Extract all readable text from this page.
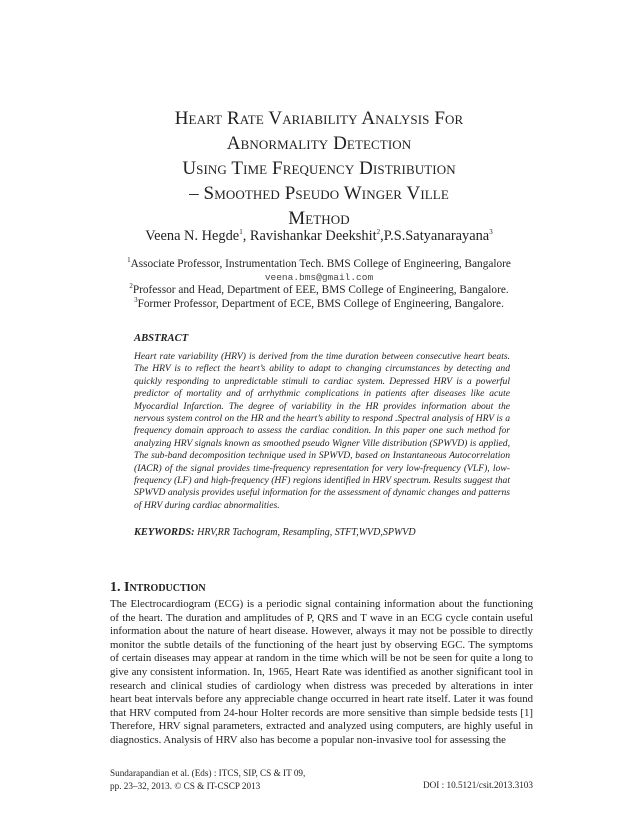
Heart Rate Variability Analysis For
Abnormality Detection
Using Time Frequency Distribution
– Smoothed Pseudo Winger Ville
Method
Veena N. Hegde$^1$, Ravishankar Deekshit$^2$,P.S.Satyanarayana$^3$
$^1$Associate Professor, Instrumentation Tech. BMS College of Engineering, Bangalore
veena.bms@gmail.com
$^2$Professor and Head, Department of EEE, BMS College of Engineering, Bangalore.
$^3$Former Professor, Department of ECE, BMS College of Engineering, Bangalore.
ABSTRACT
Heart rate variability (HRV) is derived from the time duration between consecutive heart beats. The HRV is to reflect the heart’s ability to adapt to changing circumstances by detecting and quickly responding to unpredictable stimuli to cardiac system. Depressed HRV is a powerful predictor of mortality and of arrhythmic complications in patients after diseases like acute Myocardial Infarction. The degree of variability in the HR provides information about the nervous system control on the HR and the heart’s ability to respond .Spectral analysis of HRV is a frequency domain approach to assess the cardiac condition. In this paper one such method for analyzing HRV signals known as smoothed pseudo Wigner Ville distribution (SPWVD) is applied, The sub-band decomposition technique used in SPWVD, based on Instantaneous Autocorrelation (IACR) of the signal provides time-frequency representation for very low-frequency (VLF), low-frequency (LF) and high-frequency (HF) regions identified in HRV spectrum. Results suggest that SPWVD analysis provides useful information for the assessment of dynamic changes and patterns of HRV during cardiac abnormalities.
KEYWORDS: HRV,RR Tachogram, Resampling, STFT,WVD,SPWVD
1. Introduction
The Electrocardiogram (ECG) is a periodic signal containing information about the functioning of the heart. The duration and amplitudes of P, QRS and T wave in an ECG cycle contain useful information about the nature of heart disease. However, always it may not be possible to directly monitor the subtle details of the functioning of the heart just by observing EGC. The symptoms of certain diseases may appear at random in the time which will be not be seen for quite a long to give any consistent information. In, 1965, Heart Rate was identified as another significant tool in research and clinical studies of cardiology when distress was preceded by alterations in inter heart beat intervals before any appreciable change occurred in heart rate itself. Later it was found that HRV computed from 24-hour Holter records are more sensitive than simple bedside tests [1] Therefore, HRV signal parameters, extracted and analyzed using computers, are highly useful in diagnostics. Analysis of HRV also has become a popular non-invasive tool for assessing the
Sundarapandian et al. (Eds) : ITCS, SIP, CS & IT 09,
pp. 23–32, 2013. © CS & IT-CSCP 2013	DOI : 10.5121/csit.2013.3103
